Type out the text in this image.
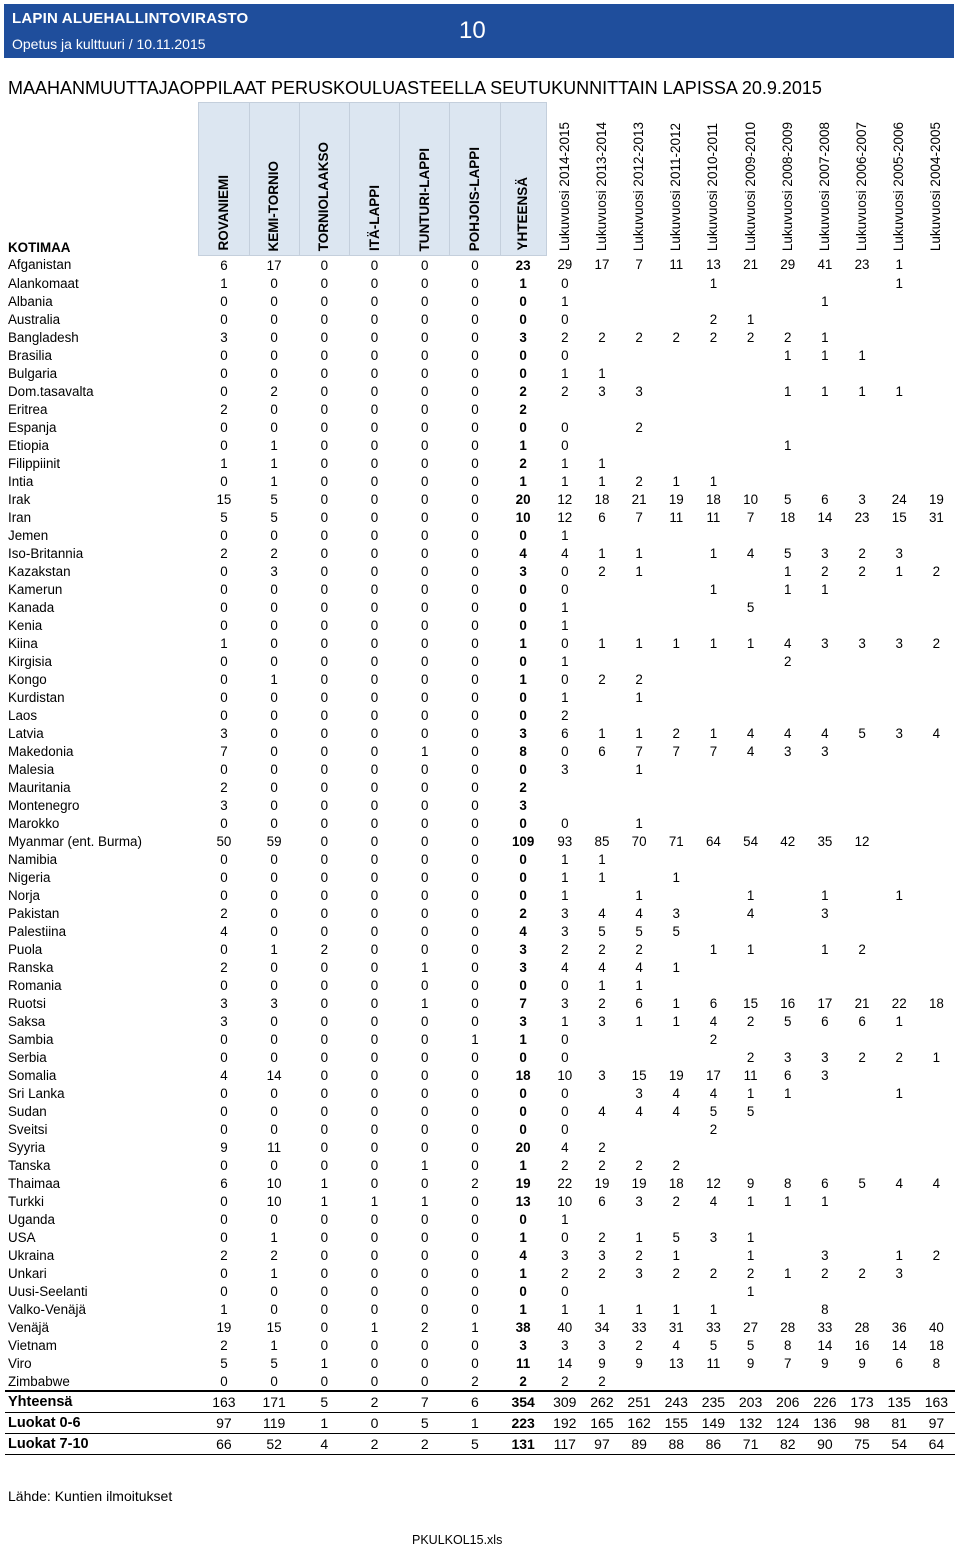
LAPIN ALUEHALLINTOVIRASTO
Opetus ja kulttuuri / 10.11.2015	10
MAAHANMUUTTAJAOPPILAAT PERUSKOULUASTEELLA SEUTUKUNNITTAIN LAPISSA 20.9.2015
KOTIMAA	ROVANIEMI	KEMI-TORNIO	TORNIOLAAKSO	ITÄ-LAPPI	TUNTURI-LAPPI	POHJOIS-LAPPI	YHTEENSÄ	Lukuvuosi 2014-2015	Lukuvuosi 2013-2014	Lukuvuosi 2012-2013	Lukuvuosi 2011-2012	Lukuvuosi 2010-2011	Lukuvuosi 2009-2010	Lukuvuosi 2008-2009	Lukuvuosi 2007-2008	Lukuvuosi 2006-2007	Lukuvuosi 2005-2006	Lukuvuosi 2004-2005
Afganistan	6	17	0	0	0	0	23	29	17	7	11	13	21	29	41	23	1	
Alankomaat	1	0	0	0	0	0	1	0				1					1	
Albania	0	0	0	0	0	0	0	1							1			
Australia	0	0	0	0	0	0	0	0				2	1					
Bangladesh	3	0	0	0	0	0	3	2	2	2	2	2	2	2	1			
Brasilia	0	0	0	0	0	0	0	0						1	1	1		
Bulgaria	0	0	0	0	0	0	0	1	1									
Dom.tasavalta	0	2	0	0	0	0	2	2	3	3				1	1	1	1	
Eritrea	2	0	0	0	0	0	2											
Espanja	0	0	0	0	0	0	0	0		2								
Etiopia	0	1	0	0	0	0	1	0						1				
Filippiinit	1	1	0	0	0	0	2	1	1									
Intia	0	1	0	0	0	0	1	1	1	2	1	1						
Irak	15	5	0	0	0	0	20	12	18	21	19	18	10	5	6	3	24	19
Iran	5	5	0	0	0	0	10	12	6	7	11	11	7	18	14	23	15	31
Jemen	0	0	0	0	0	0	0	1										
Iso-Britannia	2	2	0	0	0	0	4	4	1	1		1	4	5	3	2	3	
Kazakstan	0	3	0	0	0	0	3	0	2	1				1	2	2	1	2
Kamerun	0	0	0	0	0	0	0	0				1		1	1			
Kanada	0	0	0	0	0	0	0	1					5					
Kenia	0	0	0	0	0	0	0	1										
Kiina	1	0	0	0	0	0	1	0	1	1	1	1	1	4	3	3	3	2
Kirgisia	0	0	0	0	0	0	0	1						2				
Kongo	0	1	0	0	0	0	1	0	2	2								
Kurdistan	0	0	0	0	0	0	0	1		1								
Laos	0	0	0	0	0	0	0	2										
Latvia	3	0	0	0	0	0	3	6	1	1	2	1	4	4	4	5	3	4
Makedonia	7	0	0	0	1	0	8	0	6	7	7	7	4	3	3			
Malesia	0	0	0	0	0	0	0	3		1								
Mauritania	2	0	0	0	0	0	2											
Montenegro	3	0	0	0	0	0	3											
Marokko	0	0	0	0	0	0	0	0		1								
Myanmar (ent. Burma)	50	59	0	0	0	0	109	93	85	70	71	64	54	42	35	12		
Namibia	0	0	0	0	0	0	0	1	1									
Nigeria	0	0	0	0	0	0	0	1	1		1							
Norja	0	0	0	0	0	0	0	1		1			1		1		1	
Pakistan	2	0	0	0	0	0	2	3	4	4	3		4		3			
Palestiina	4	0	0	0	0	0	4	3	5	5	5							
Puola	0	1	2	0	0	0	3	2	2	2		1	1		1	2		
Ranska	2	0	0	0	1	0	3	4	4	4	1							
Romania	0	0	0	0	0	0	0	0	1	1								
Ruotsi	3	3	0	0	1	0	7	3	2	6	1	6	15	16	17	21	22	18
Saksa	3	0	0	0	0	0	3	1	3	1	1	4	2	5	6	6	1	
Sambia	0	0	0	0	0	1	1	0				2						
Serbia	0	0	0	0	0	0	0	0					2	3	3	2	2	1
Somalia	4	14	0	0	0	0	18	10	3	15	19	17	11	6	3			
Sri Lanka	0	0	0	0	0	0	0	0		3	4	4	1	1			1	
Sudan	0	0	0	0	0	0	0	0	4	4	4	5	5					
Sveitsi	0	0	0	0	0	0	0	0				2						
Syyria	9	11	0	0	0	0	20	4	2									
Tanska	0	0	0	0	1	0	1	2	2	2	2							
Thaimaa	6	10	1	0	0	2	19	22	19	19	18	12	9	8	6	5	4	4
Turkki	0	10	1	1	1	0	13	10	6	3	2	4	1	1	1			
Uganda	0	0	0	0	0	0	0	1										
USA	0	1	0	0	0	0	1	0	2	1	5	3	1					
Ukraina	2	2	0	0	0	0	4	3	3	2	1		1		3		1	2
Unkari	0	1	0	0	0	0	1	2	2	3	2	2	2	1	2	2	3	
Uusi-Seelanti	0	0	0	0	0	0	0	0					1					
Valko-Venäjä	1	0	0	0	0	0	1	1	1	1	1	1			8			
Venäjä	19	15	0	1	2	1	38	40	34	33	31	33	27	28	33	28	36	40
Vietnam	2	1	0	0	0	0	3	3	3	2	4	5	5	8	14	16	14	18
Viro	5	5	1	0	0	0	11	14	9	9	13	11	9	7	9	9	6	8
Zimbabwe	0	0	0	0	0	2	2	2	2									
Yhteensä	163	171	5	2	7	6	354	309	262	251	243	235	203	206	226	173	135	163
Luokat 0-6	97	119	1	0	5	1	223	192	165	162	155	149	132	124	136	98	81	97
Luokat 7-10	66	52	4	2	2	5	131	117	97	89	88	86	71	82	90	75	54	64
Lähde: Kuntien ilmoitukset
PKULKOL15.xls
